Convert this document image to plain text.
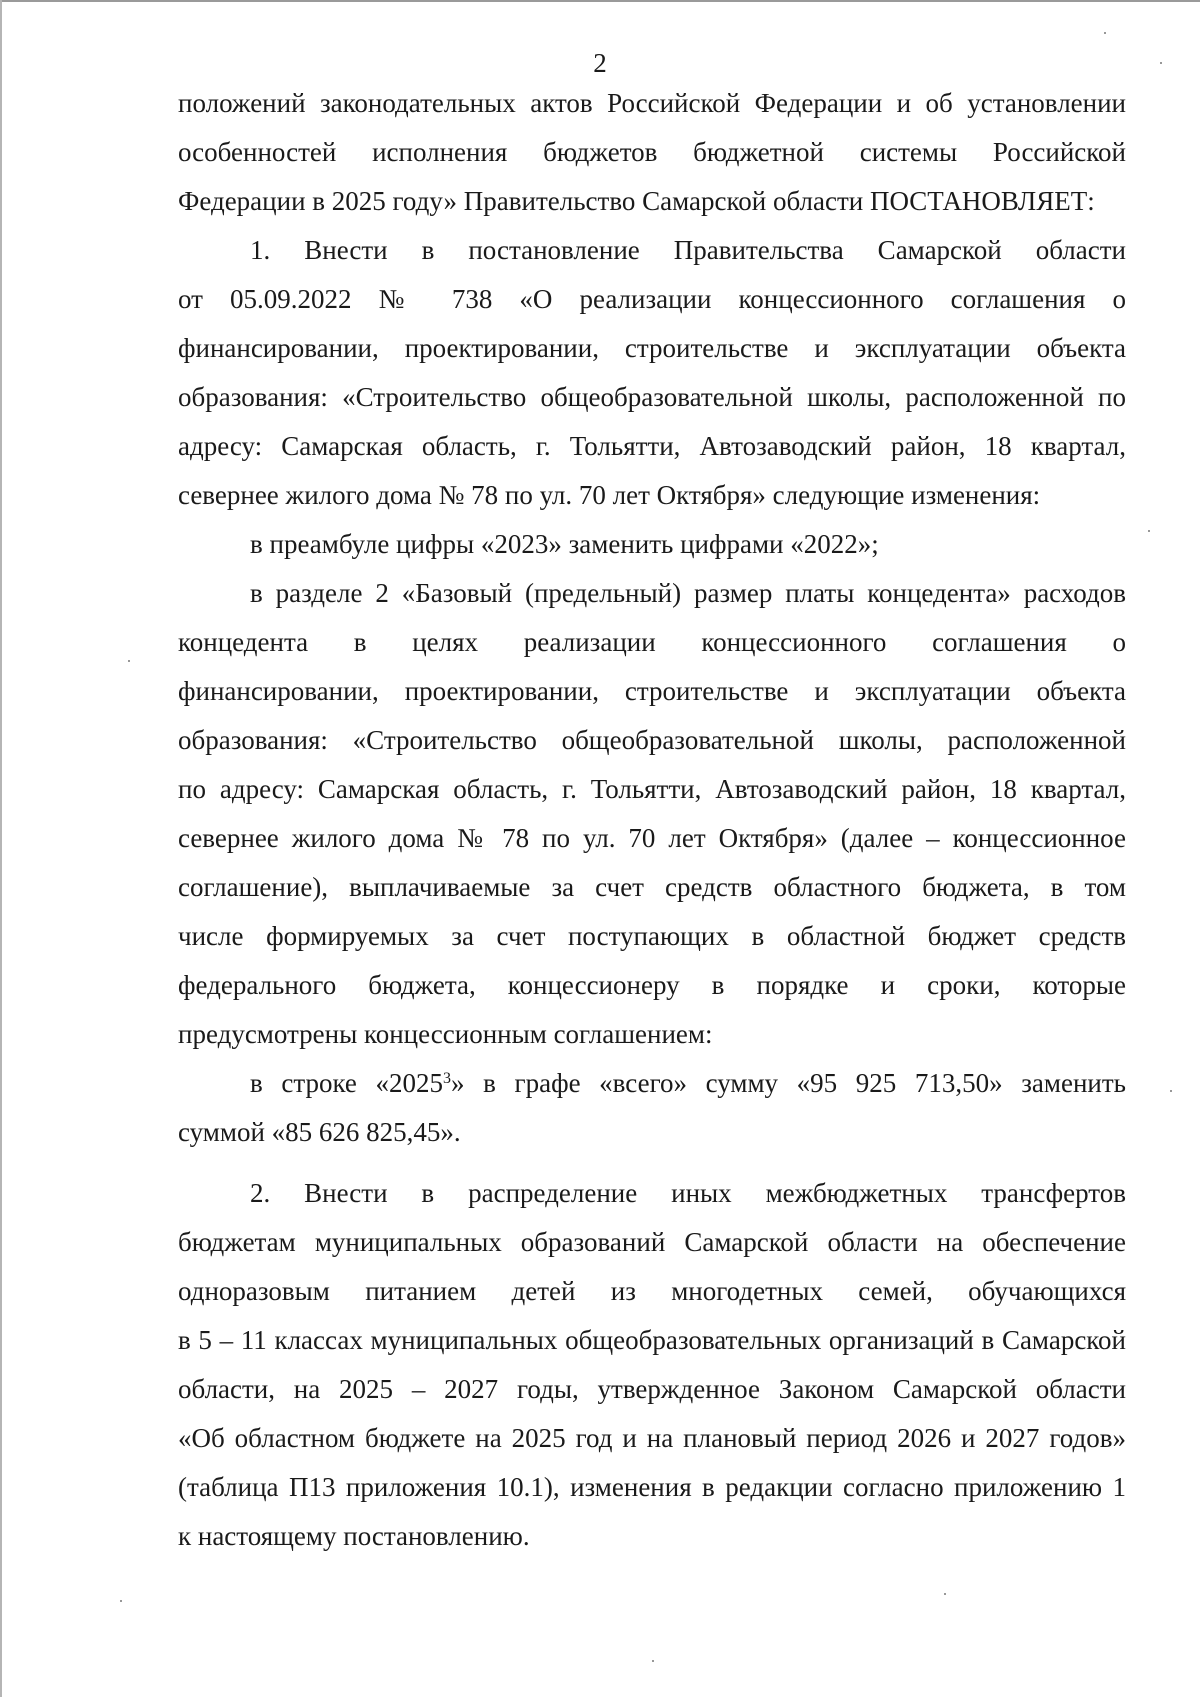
2
положений законодательных актов Российской Федерации и об установлении
особенностей исполнения бюджетов бюджетной системы Российской
Федерации в 2025 году» Правительство Самарской области ПОСТАНОВЛЯЕТ:
1. Внести в постановление Правительства Самарской области
от 05.09.2022 № 738 «О реализации концессионного соглашения о
финансировании, проектировании, строительстве и эксплуатации объекта
образования: «Строительство общеобразовательной школы, расположенной по
адресу: Самарская область, г. Тольятти, Автозаводский район, 18 квартал,
севернее жилого дома № 78 по ул. 70 лет Октября» следующие изменения:
в преамбуле цифры «2023» заменить цифрами «2022»;
в разделе 2 «Базовый (предельный) размер платы концедента» расходов
концедента в целях реализации концессионного соглашения о
финансировании, проектировании, строительстве и эксплуатации объекта
образования: «Строительство общеобразовательной школы, расположенной
по адресу: Самарская область, г. Тольятти, Автозаводский район, 18 квартал,
севернее жилого дома № 78 по ул. 70 лет Октября» (далее – концессионное
соглашение), выплачиваемые за счет средств областного бюджета, в том
числе формируемых за счет поступающих в областной бюджет средств
федерального бюджета, концессионеру в порядке и сроки, которые
предусмотрены концессионным соглашением:
в строке «2025$^3$» в графе «всего» сумму «95 925 713,50» заменить
суммой «85 626 825,45».
2. Внести в распределение иных межбюджетных трансфертов
бюджетам муниципальных образований Самарской области на обеспечение
одноразовым питанием детей из многодетных семей, обучающихся
в 5 – 11 классах муниципальных общеобразовательных организаций в Самарской
области, на 2025 – 2027 годы, утвержденное Законом Самарской области
«Об областном бюджете на 2025 год и на плановый период 2026 и 2027 годов»
(таблица П13 приложения 10.1), изменения в редакции согласно приложению 1
к настоящему постановлению.
